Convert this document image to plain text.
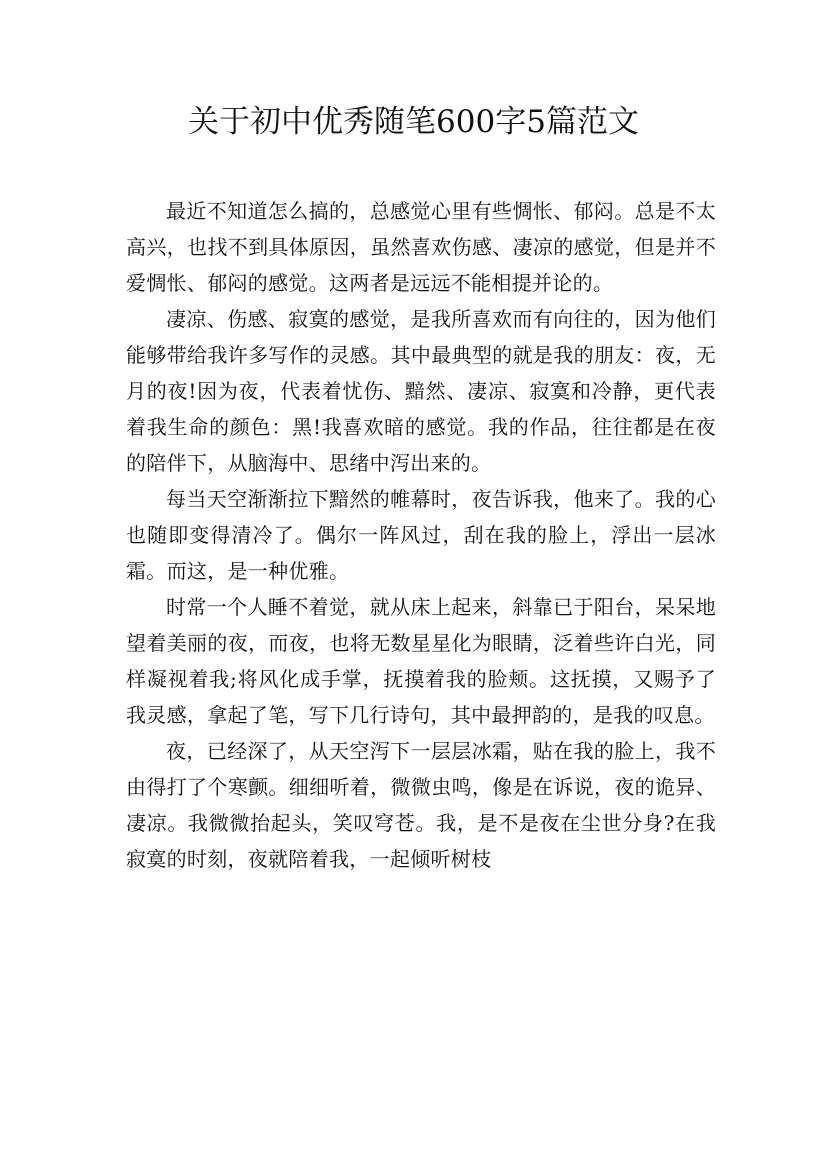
关于初中优秀随笔600字5篇范文

最近不知道怎么搞的，总感觉心里有些惆怅、郁闷。总是不太高兴，也找不到具体原因，虽然喜欢伤感、凄凉的感觉，但是并不爱惆怅、郁闷的感觉。这两者是远远不能相提并论的。

凄凉、伤感、寂寞的感觉，是我所喜欢而有向往的，因为他们能够带给我许多写作的灵感。其中最典型的就是我的朋友：夜，无月的夜!因为夜，代表着忧伤、黯然、凄凉、寂寞和冷静，更代表着我生命的颜色：黑!我喜欢暗的感觉。我的作品，往往都是在夜的陪伴下，从脑海中、思绪中泻出来的。

每当天空渐渐拉下黯然的帷幕时，夜告诉我，他来了。我的心也随即变得清冷了。偶尔一阵风过，刮在我的脸上，浮出一层冰霜。而这，是一种优雅。

时常一个人睡不着觉，就从床上起来，斜靠已于阳台，呆呆地望着美丽的夜，而夜，也将无数星星化为眼睛，泛着些许白光，同样凝视着我;将风化成手掌，抚摸着我的脸颊。这抚摸，又赐予了我灵感，拿起了笔，写下几行诗句，其中最押韵的，是我的叹息。

夜，已经深了，从天空泻下一层层冰霜，贴在我的脸上，我不由得打了个寒颤。细细听着，微微虫鸣，像是在诉说，夜的诡异、凄凉。我微微抬起头，笑叹穹苍。我，是不是夜在尘世分身?在我寂寞的时刻，夜就陪着我，一起倾听树枝
